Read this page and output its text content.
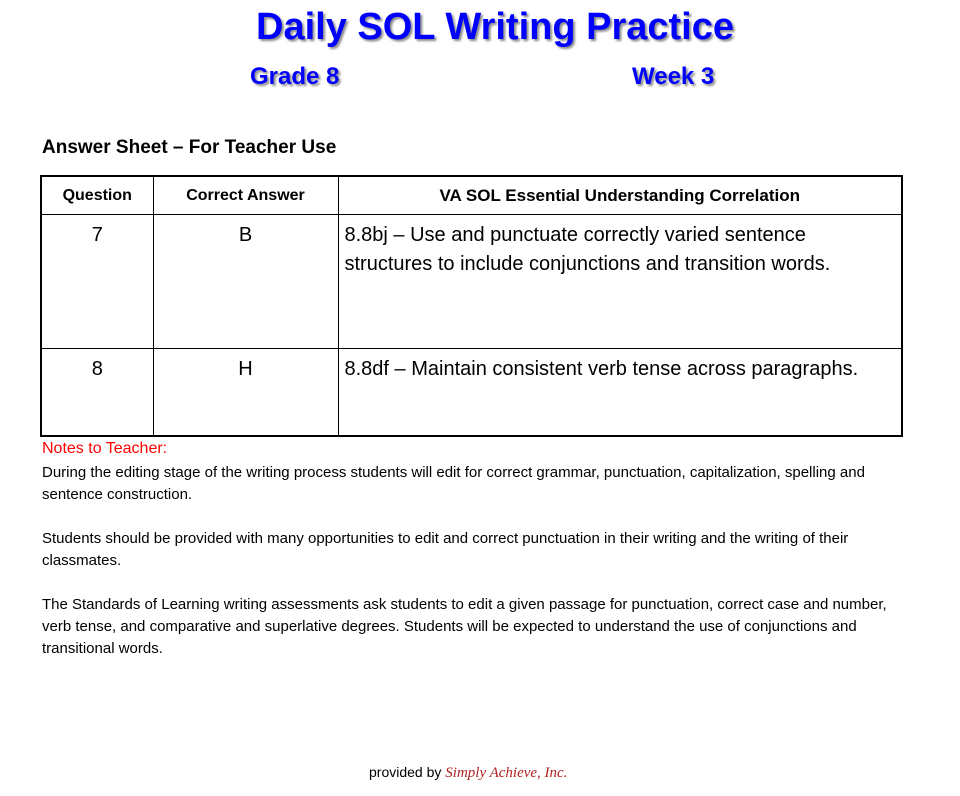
Daily SOL Writing Practice
Grade 8	Week 3
Answer Sheet – For Teacher Use
Question	Correct Answer	VA SOL Essential Understanding Correlation
7	B	8.8bj – Use and punctuate correctly varied sentence structures to include conjunctions and transition words.
8	H	8.8df – Maintain consistent verb tense across paragraphs.
Notes to Teacher:

During the editing stage of the writing process students will edit for correct grammar, punctuation, capitalization, spelling and sentence construction.

Students should be provided with many opportunities to edit and correct punctuation in their writing and the writing of their classmates.

The Standards of Learning writing assessments ask students to edit a given passage for punctuation, correct case and number, verb tense, and comparative and superlative degrees. Students will be expected to understand the use of conjunctions and transitional words.

provided by Simply Achieve, Inc.
